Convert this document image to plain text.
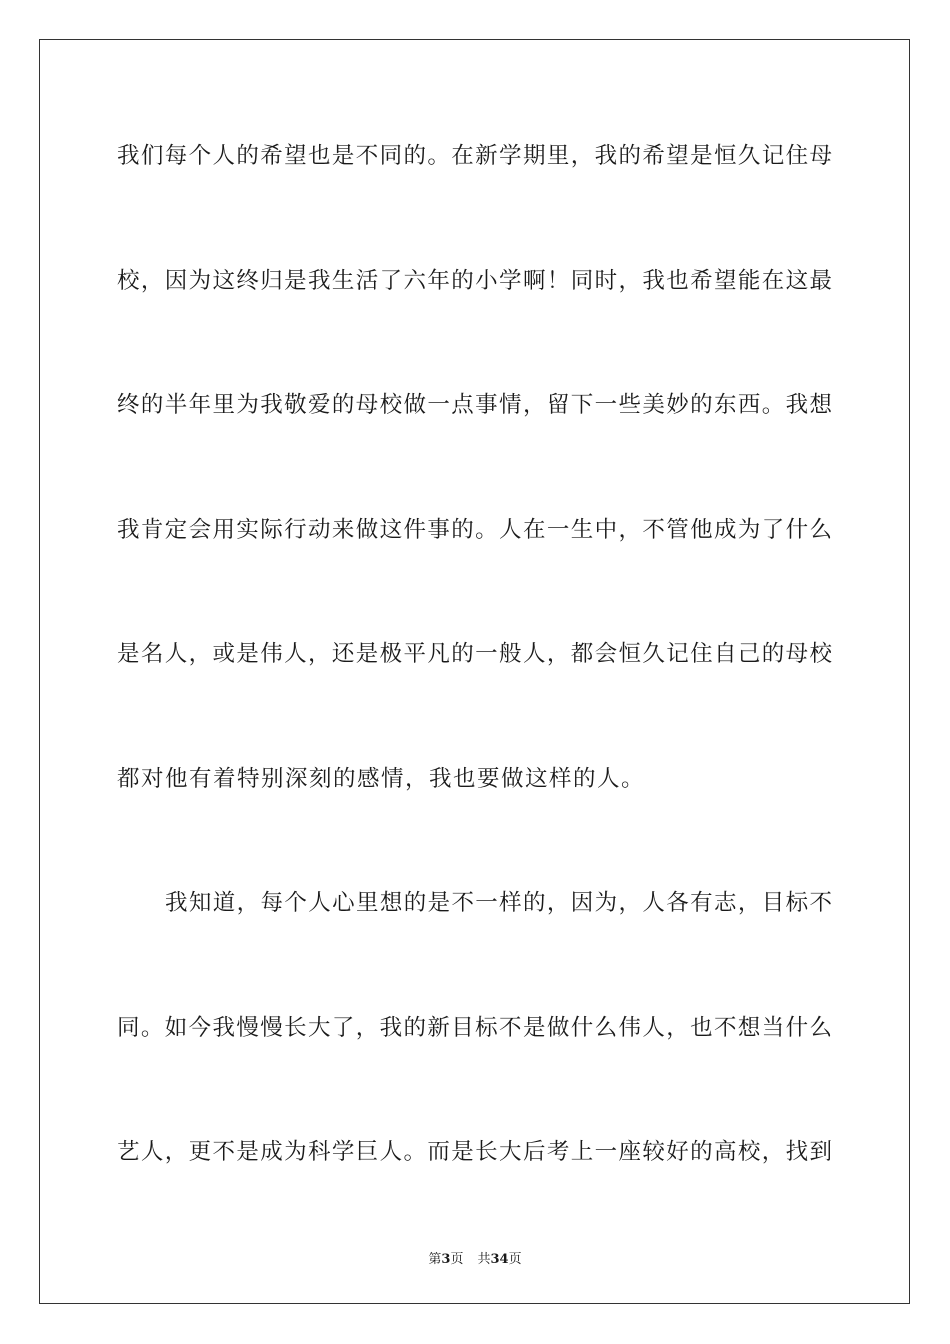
我们每个人的希望也是不同的。在新学期里，我的希望是恒久记住母
校，因为这终归是我生活了六年的小学啊！同时，我也希望能在这最
终的半年里为我敬爱的母校做一点事情，留下一些美妙的东西。我想
我肯定会用实际行动来做这件事的。人在一生中，不管他成为了什么
是名人，或是伟人，还是极平凡的一般人，都会恒久记住自己的母校
都对他有着特别深刻的感情，我也要做这样的人。
我知道，每个人心里想的是不一样的，因为，人各有志，目标不
同。如今我慢慢长大了，我的新目标不是做什么伟人，也不想当什么
艺人，更不是成为科学巨人。而是长大后考上一座较好的高校，找到
第3页 共34页
